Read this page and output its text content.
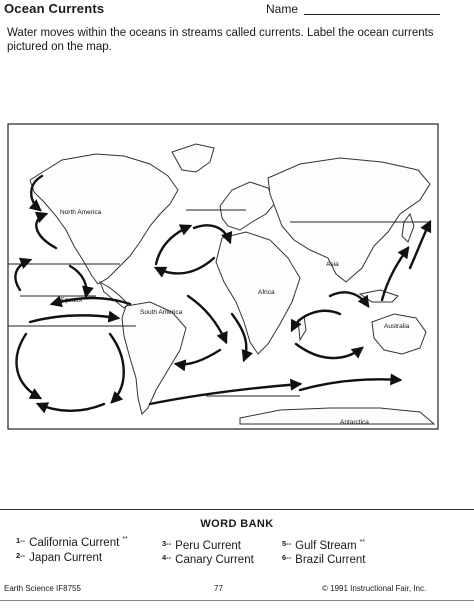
Ocean Currents	Name
Water moves within the oceans in streams called currents. Label the ocean currents pictured on the map.
North America
Equator
South America
Africa
Asia
Australia
Antarctica
WORD BANK
$^{1--}$ California Current **
$^{2--}$ Japan Current
$^{3--}$ Peru Current
$^{4--}$ Canary Current
$^{5--}$ Gulf Stream **
$^{6--}$ Brazil Current
Earth Science IF8755	77	© 1991 Instructional Fair, Inc.
